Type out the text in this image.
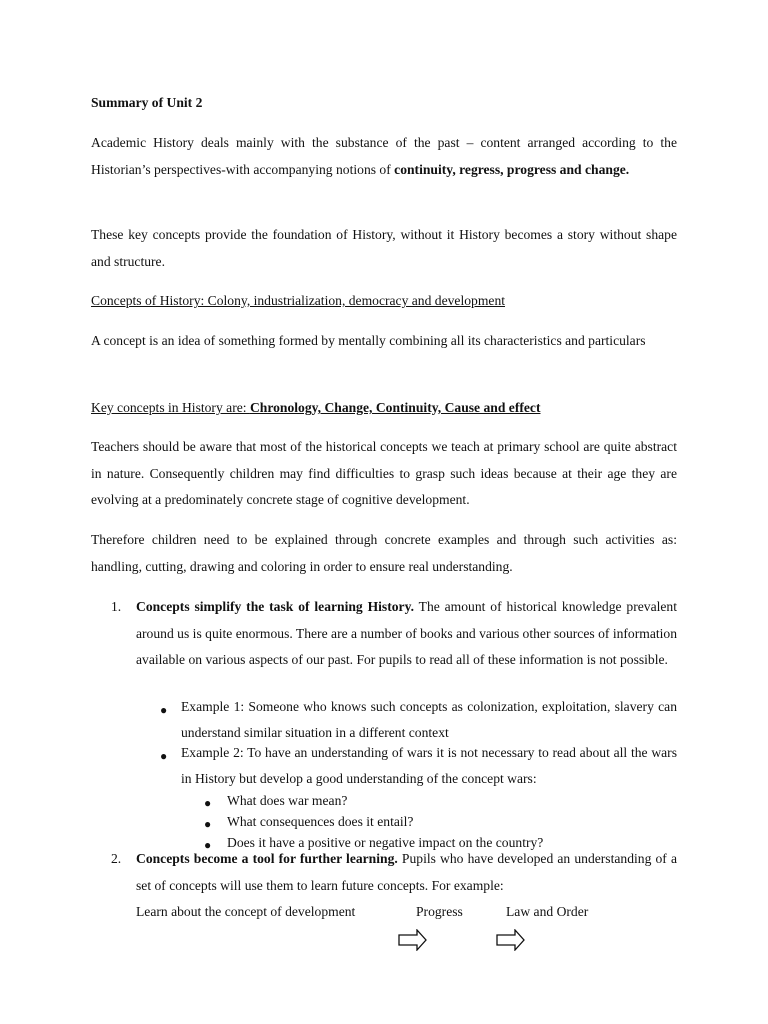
Summary of Unit 2

Academic History deals mainly with the substance of the past – content arranged according to the Historian’s perspectives-with accompanying notions of continuity, regress, progress and change.

These key concepts provide the foundation of History, without it History becomes a story without shape and structure.

Concepts of History: Colony, industrialization, democracy and development

A concept is an idea of something formed by mentally combining all its characteristics and particulars

Key concepts in History are: Chronology, Change, Continuity, Cause and effect

Teachers should be aware that most of the historical concepts we teach at primary school are quite abstract in nature. Consequently children may find difficulties to grasp such ideas because at their age they are evolving at a predominately concrete stage of cognitive development.

Therefore children need to be explained through concrete examples and through such activities as: handling, cutting, drawing and coloring in order to ensure real understanding.

1. Concepts simplify the task of learning History. The amount of historical knowledge prevalent around us is quite enormous. There are a number of books and various other sources of information available on various aspects of our past. For pupils to read all of these information is not possible.

● Example 1: Someone who knows such concepts as colonization, exploitation, slavery can understand similar situation in a different context

● Example 2: To have an understanding of wars it is not necessary to read about all the wars in History but develop a good understanding of the concept wars:

● What does war mean?

● What consequences does it entail?

● Does it have a positive or negative impact on the country?

2. Concepts become a tool for further learning. Pupils who have developed an understanding of a set of concepts will use them to learn future concepts. For example:

Learn about the concept of development	Progress	Law and Order
